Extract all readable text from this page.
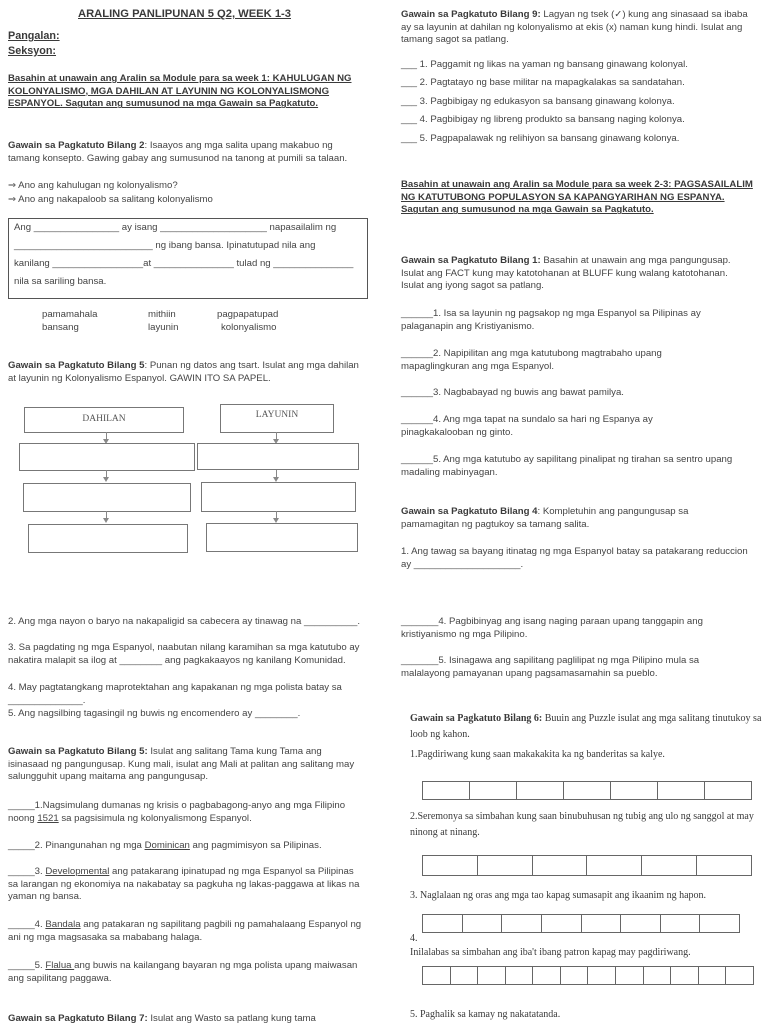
ARALING PANLIPUNAN 5 Q2, WEEK 1-3
Pangalan:
Seksyon:
Basahin at unawain ang Aralin sa Module para sa week 1: KAHULUGAN NG KOLONYALISMO, MGA DAHILAN AT LAYUNIN NG KOLONYALISMONG ESPANYOL. Sagutan ang sumusunod na mga Gawain sa Pagkatuto.
Gawain sa Pagkatuto Bilang 2: Isaayos ang mga salita upang makabuo ng tamang konsepto. Gawing gabay ang sumusunod na tanong at pumili sa talaan.
⇒ Ano ang kahulugan ng kolonyalismo?
⇒ Ano ang nakapaloob sa salitang kolonyalismo
Ang ________________ ay isang ____________________ napasailalim ng
__________________________ ng ibang bansa. Ipinatutupad nila ang
kanilang _________________at _______________ tulad ng _______________
nila sa sariling bansa.
pamamahala	mithiin	pagpapatupad
bansang	layunin	kolonyalismo
Gawain sa Pagkatuto Bilang 5: Punan ng datos ang tsart. Isulat ang mga dahilan at layunin ng Kolonyalismo Espanyol. GAWIN ITO SA PAPEL.
DAHILAN	LAYUNIN
2. Ang mga nayon o baryo na nakapaligid sa cabecera ay tinawag na __________.
3. Sa pagdating ng mga Espanyol, naabutan nilang karamihan sa mga katutubo ay nakatira malapit sa ilog at ________ ang pagkakaayos ng kanilang Komunidad.
4. May pagtatangkang maprotektahan ang kapakanan ng mga polista batay sa ______________.
5. Ang nagsilbing tagasingil ng buwis ng encomendero ay ________.
Gawain sa Pagkatuto Bilang 5: Isulat ang salitang Tama kung Tama ang isinasaad ng pangungusap. Kung mali, isulat ang Mali at palitan ang salitang may salungguhit upang maitama ang pangungusap.
_____1.Nagsimulang dumanas ng krisis o pagbabagong-anyo ang mga Filipino noong 1521 sa pagsisimula ng kolonyalismong Espanyol.
_____2. Pinangunahan ng mga Dominican ang pagmimisyon sa Pilipinas.
_____3. Developmental ang patakarang ipinatupad ng mga Espanyol sa Pilipinas sa larangan ng ekonomiya na nakabatay sa pagkuha ng lakas-paggawa at likas na yaman ng bansa.
_____4. Bandala ang patakaran ng sapilitang pagbili ng pamahalaang Espanyol ng ani ng mga magsasaka sa mababang halaga.
_____5. Flalua ang buwis na kailangang bayaran ng mga polista upang maiwasan ang sapilitang paggawa.
Gawain sa Pagkatuto Bilang 7: Isulat ang Wasto sa patlang kung tama
Gawain sa Pagkatuto Bilang 9: Lagyan ng tsek (✓) kung ang sinasaad sa ibaba ay sa layunin at dahilan ng kolonyalismo at ekis (x) naman kung hindi. Isulat ang tamang sagot sa patlang.
___ 1. Paggamit ng likas na yaman ng bansang ginawang kolonyal.
___ 2. Pagtatayo ng base militar na mapagkalakas sa sandatahan.
___ 3. Pagbibigay ng edukasyon sa bansang ginawang kolonya.
___ 4. Pagbibigay ng libreng produkto sa bansang naging kolonya.
___ 5. Pagpapalawak ng relihiyon sa bansang ginawang kolonya.
Basahin at unawain ang Aralin sa Module para sa week 2-3: PAGSASAILALIM NG KATUTUBONG POPULASYON SA KAPANGYARIHAN NG ESPANYA. Sagutan ang sumusunod na mga Gawain sa Pagkatuto.
Gawain sa Pagkatuto Bilang 1: Basahin at unawain ang mga pangungusap. Isulat ang FACT kung may katotohanan at BLUFF kung walang katotohanan. Isulat ang iyong sagot sa patlang.
______1. Isa sa layunin ng pagsakop ng mga Espanyol sa Pilipinas ay palaganapin ang Kristiyanismo.
______2. Napipilitan ang mga katutubong magtrabaho upang mapaglingkuran ang mga Espanyol.
______3. Nagbabayad ng buwis ang bawat pamilya.
______4. Ang mga tapat na sundalo sa hari ng Espanya ay pinagkakalooban ng ginto.
______5. Ang mga katutubo ay sapilitang pinalipat ng tirahan sa sentro upang madaling mabinyagan.
Gawain sa Pagkatuto Bilang 4: Kompletuhin ang pangungusap sa pamamagitan ng pagtukoy sa tamang salita.
1. Ang tawag sa bayang itinatag ng mga Espanyol batay sa patakarang reduccion ay ____________________.
_______4. Pagbibinyag ang isang naging paraan upang tanggapin ang kristiyanismo ng mga Pilipino.
_______5. Isinagawa ang sapilitang paglilipat ng mga Pilipino mula sa malalayong pamayanan upang pagsamasamahin sa pueblo.
Gawain sa Pagkatuto Bilang 6: Buuin ang Puzzle isulat ang mga salitang tinutukoy sa loob ng kahon.
1.Pagdiriwang kung saan makakakita ka ng banderitas sa kalye.
2.Seremonya sa simbahan kung saan binubuhusan ng tubig ang ulo ng sanggol at may ninong at ninang.
3. Naglalaan ng oras ang mga tao kapag sumasapit ang ikaanim ng hapon.
4.
Inilalabas sa simbahan ang iba't ibang patron kapag may pagdiriwang.
5. Paghalik sa kamay ng nakatatanda.
